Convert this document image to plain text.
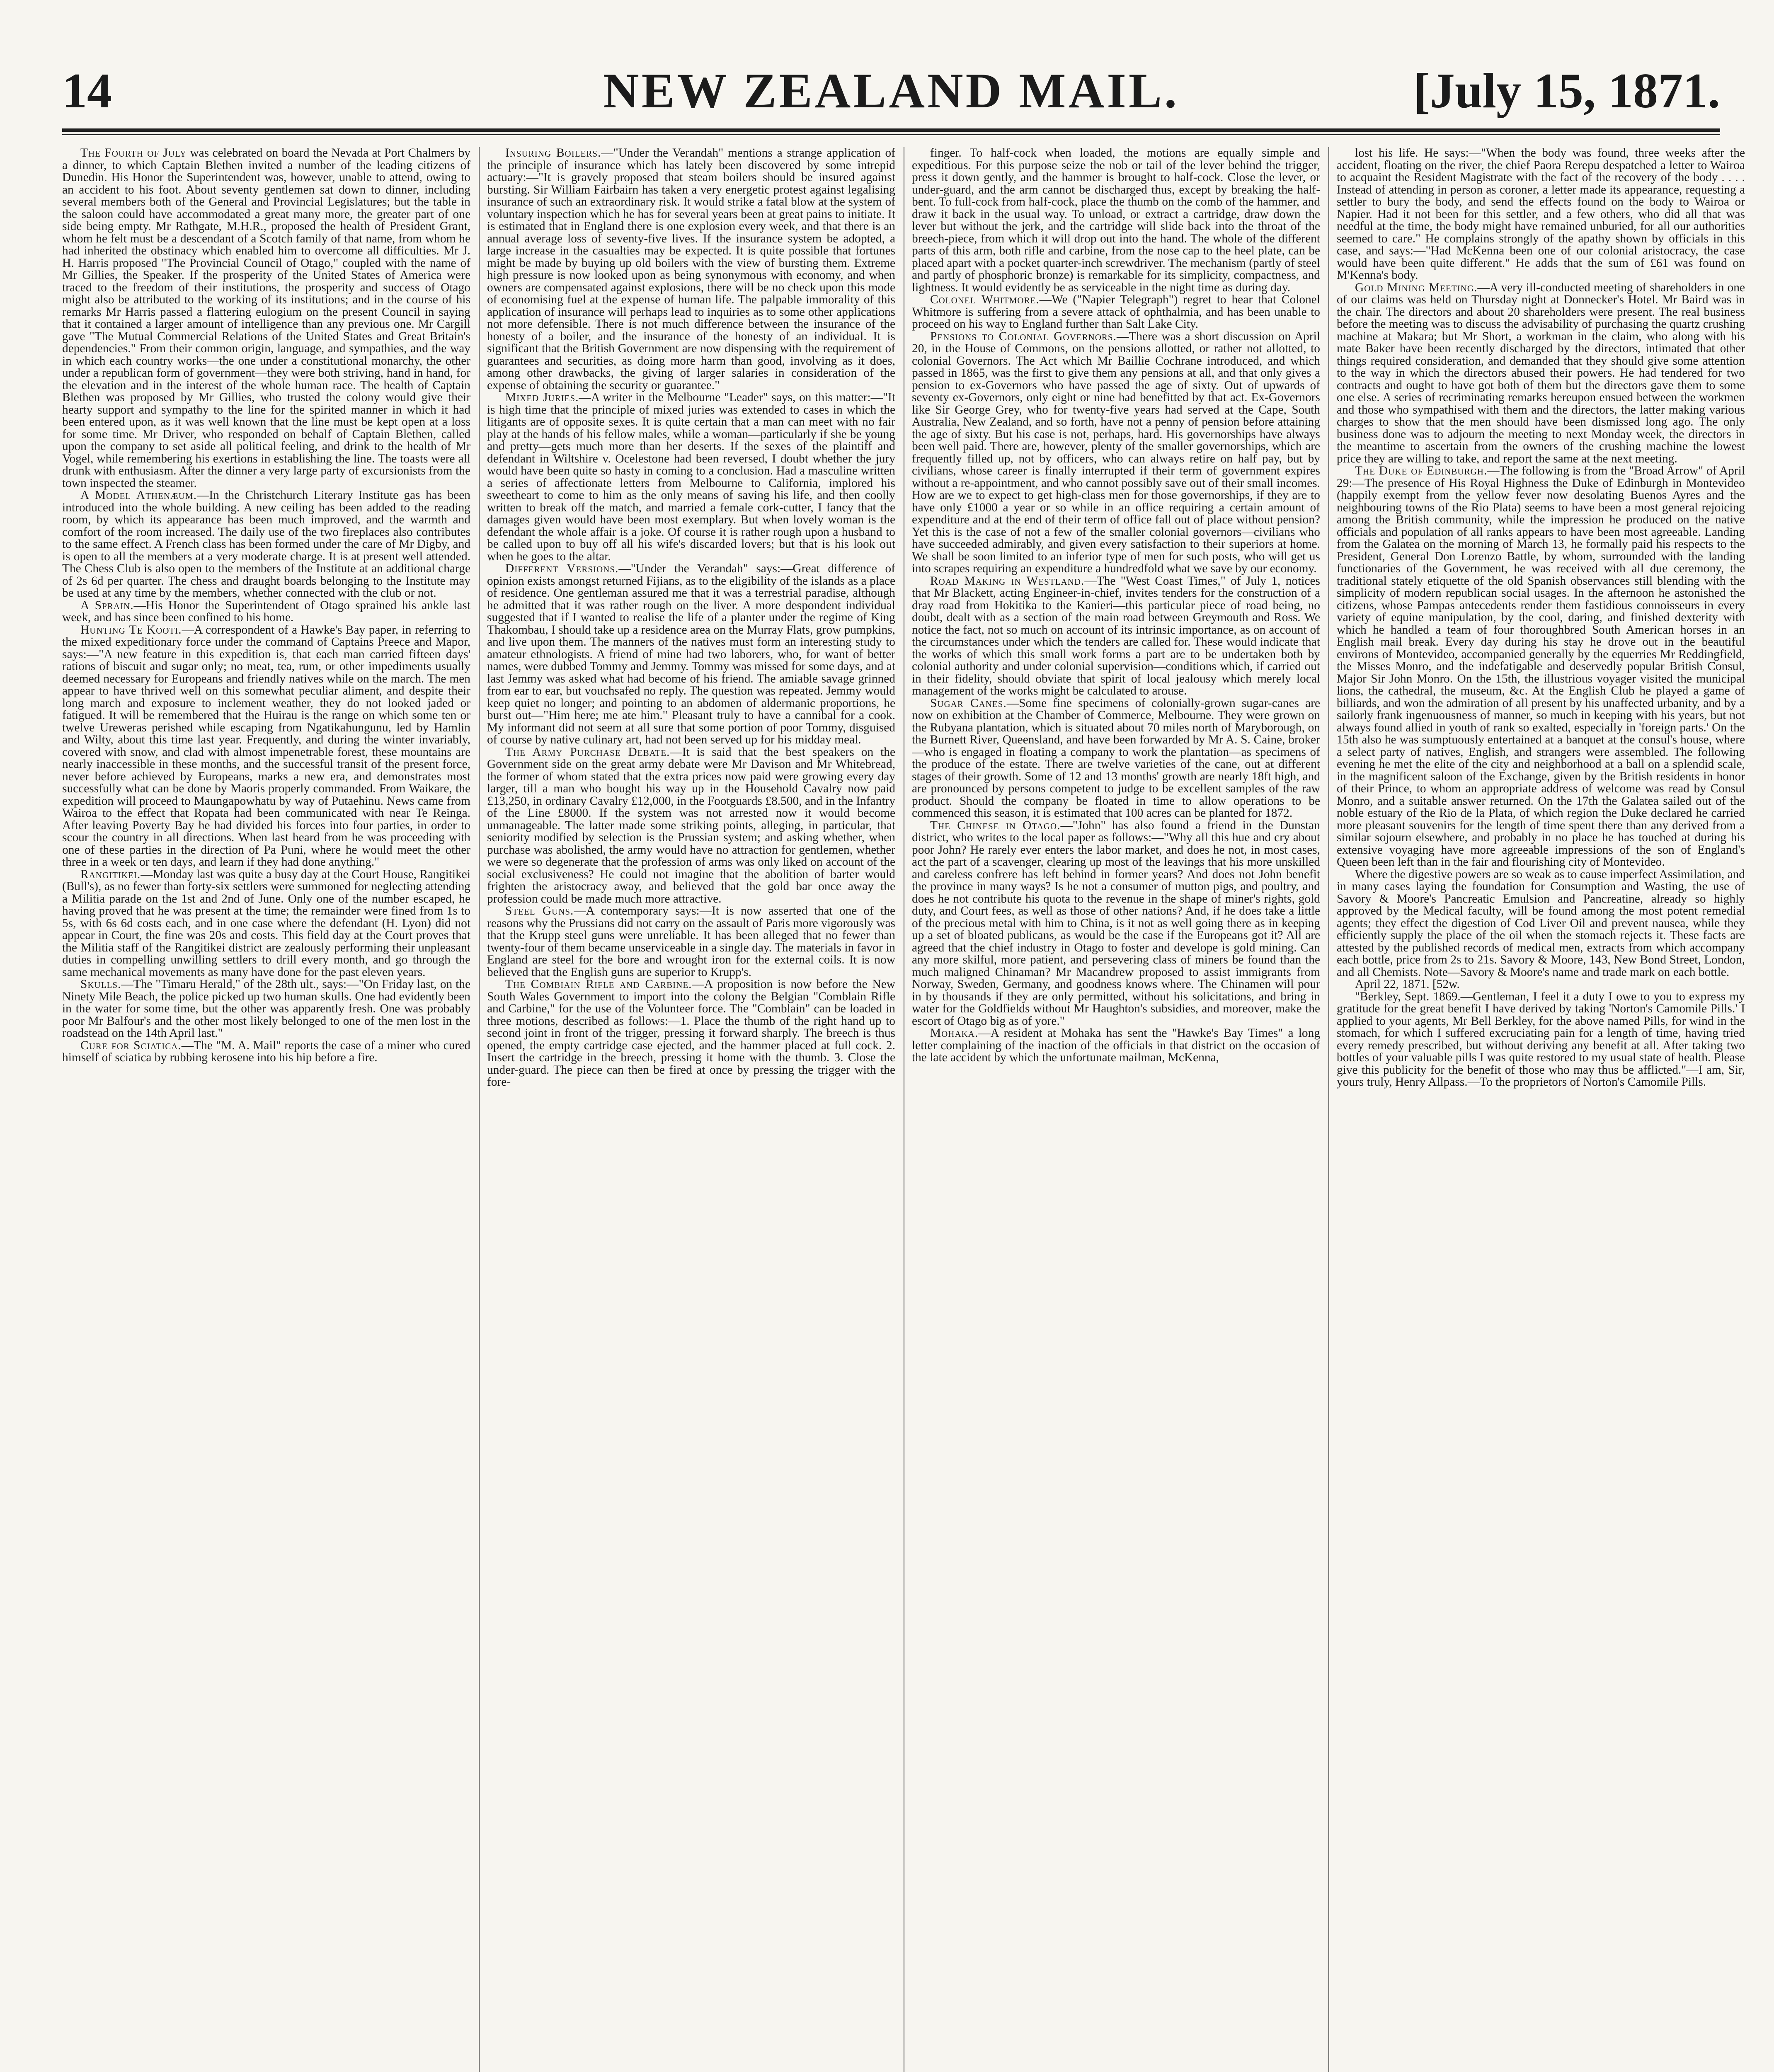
14	NEW ZEALAND MAIL.	[July 15, 1871.

The Fourth of July was celebrated on board the Nevada at Port Chalmers by a dinner, to which Captain Blethen invited a number of the leading citizens of Dunedin. His Honor the Superintendent was, however, unable to attend, owing to an accident to his foot. About seventy gentlemen sat down to dinner, including several members both of the General and Provincial Legislatures; but the table in the saloon could have accommodated a great many more, the greater part of one side being empty. Mr Rathgate, M.H.R., proposed the health of President Grant, whom he felt must be a descendant of a Scotch family of that name, from whom he had inherited the obstinacy which enabled him to overcome all difficulties. Mr J. H. Harris proposed "The Provincial Council of Otago," coupled with the name of Mr Gillies, the Speaker. If the prosperity of the United States of America were traced to the freedom of their institutions, the prosperity and success of Otago might also be attributed to the working of its institutions; and in the course of his remarks Mr Harris passed a flattering eulogium on the present Council in saying that it contained a larger amount of intelligence than any previous one. Mr Cargill gave "The Mutual Commercial Relations of the United States and Great Britain's dependencies." From their common origin, language, and sympathies, and the way in which each country works—the one under a constitutional monarchy, the other under a republican form of government—they were both striving, hand in hand, for the elevation and in the interest of the whole human race. The health of Captain Blethen was proposed by Mr Gillies, who trusted the colony would give their hearty support and sympathy to the line for the spirited manner in which it had been entered upon, as it was well known that the line must be kept open at a loss for some time. Mr Driver, who responded on behalf of Captain Blethen, called upon the company to set aside all political feeling, and drink to the health of Mr Vogel, while remembering his exertions in establishing the line. The toasts were all drunk with enthusiasm. After the dinner a very large party of excursionists from the town inspected the steamer.

A Model Athenæum.—In the Christchurch Literary Institute gas has been introduced into the whole building. A new ceiling has been added to the reading room, by which its appearance has been much improved, and the warmth and comfort of the room increased. The daily use of the two fireplaces also contributes to the same effect. A French class has been formed under the care of Mr Digby, and is open to all the members at a very moderate charge. It is at present well attended. The Chess Club is also open to the members of the Institute at an additional charge of 2s 6d per quarter. The chess and draught boards belonging to the Institute may be used at any time by the members, whether connected with the club or not.

A Sprain.—His Honor the Superintendent of Otago sprained his ankle last week, and has since been confined to his home.

Hunting Te Kooti.—A correspondent of a Hawke's Bay paper, in referring to the mixed expeditionary force under the command of Captains Preece and Mapor, says:—"A new feature in this expedition is, that each man carried fifteen days' rations of biscuit and sugar only; no meat, tea, rum, or other impediments usually deemed necessary for Europeans and friendly natives while on the march. The men appear to have thrived well on this somewhat peculiar aliment, and despite their long march and exposure to inclement weather, they do not looked jaded or fatigued. It will be remembered that the Huirau is the range on which some ten or twelve Ureweras perished while escaping from Ngatikahungunu, led by Hamlin and Wilty, about this time last year. Frequently, and during the winter invariably, covered with snow, and clad with almost impenetrable forest, these mountains are nearly inaccessible in these months, and the successful transit of the present force, never before achieved by Europeans, marks a new era, and demonstrates most successfully what can be done by Maoris properly commanded. From Waikare, the expedition will proceed to Maungapowhatu by way of Putaehinu. News came from Wairoa to the effect that Ropata had been communicated with near Te Reinga. After leaving Poverty Bay he had divided his forces into four parties, in order to scour the country in all directions. When last heard from he was proceeding with one of these parties in the direction of Pa Puni, where he would meet the other three in a week or ten days, and learn if they had done anything."

Rangitikei.—Monday last was quite a busy day at the Court House, Rangitikei (Bull's), as no fewer than forty-six settlers were summoned for neglecting attending a Militia parade on the 1st and 2nd of June. Only one of the number escaped, he having proved that he was present at the time; the remainder were fined from 1s to 5s, with 6s 6d costs each, and in one case where the defendant (H. Lyon) did not appear in Court, the fine was 20s and costs. This field day at the Court proves that the Militia staff of the Rangitikei district are zealously performing their unpleasant duties in compelling unwilling settlers to drill every month, and go through the same mechanical movements as many have done for the past eleven years.

Skulls.—The "Timaru Herald," of the 28th ult., says:—"On Friday last, on the Ninety Mile Beach, the police picked up two human skulls. One had evidently been in the water for some time, but the other was apparently fresh. One was probably poor Mr Balfour's and the other most likely belonged to one of the men lost in the roadstead on the 14th April last."

Cure for Sciatica.—The "M. A. Mail" reports the case of a miner who cured himself of sciatica by rubbing kerosene into his hip before a fire.

Insuring Boilers.—"Under the Verandah" mentions a strange application of the principle of insurance which has lately been discovered by some intrepid actuary:—"It is gravely proposed that steam boilers should be insured against bursting. Sir William Fairbairn has taken a very energetic protest against legalising insurance of such an extraordinary risk. It would strike a fatal blow at the system of voluntary inspection which he has for several years been at great pains to initiate. It is estimated that in England there is one explosion every week, and that there is an annual average loss of seventy-five lives. If the insurance system be adopted, a large increase in the casualties may be expected. It is quite possible that fortunes might be made by buying up old boilers with the view of bursting them. Extreme high pressure is now looked upon as being synonymous with economy, and when owners are compensated against explosions, there will be no check upon this mode of economising fuel at the expense of human life. The palpable immorality of this application of insurance will perhaps lead to inquiries as to some other applications not more defensible. There is not much difference between the insurance of the honesty of a boiler, and the insurance of the honesty of an individual. It is significant that the British Government are now dispensing with the requirement of guarantees and securities, as doing more harm than good, involving as it does, among other drawbacks, the giving of larger salaries in consideration of the expense of obtaining the security or guarantee."

Mixed Juries.—A writer in the Melbourne "Leader" says, on this matter:—"It is high time that the principle of mixed juries was extended to cases in which the litigants are of opposite sexes. It is quite certain that a man can meet with no fair play at the hands of his fellow males, while a woman—particularly if she be young and pretty—gets much more than her deserts. If the sexes of the plaintiff and defendant in Wiltshire v. Ocelestone had been reversed, I doubt whether the jury would have been quite so hasty in coming to a conclusion. Had a masculine written a series of affectionate letters from Melbourne to California, implored his sweetheart to come to him as the only means of saving his life, and then coolly written to break off the match, and married a female cork-cutter, I fancy that the damages given would have been most exemplary. But when lovely woman is the defendant the whole affair is a joke. Of course it is rather rough upon a husband to be called upon to buy off all his wife's discarded lovers; but that is his look out when he goes to the altar.

Different Versions.—"Under the Verandah" says:—Great difference of opinion exists amongst returned Fijians, as to the eligibility of the islands as a place of residence. One gentleman assured me that it was a terrestrial paradise, although he admitted that it was rather rough on the liver. A more despondent individual suggested that if I wanted to realise the life of a planter under the regime of King Thakombau, I should take up a residence area on the Murray Flats, grow pumpkins, and live upon them. The manners of the natives must form an interesting study to amateur ethnologists. A friend of mine had two laborers, who, for want of better names, were dubbed Tommy and Jemmy. Tommy was missed for some days, and at last Jemmy was asked what had become of his friend. The amiable savage grinned from ear to ear, but vouchsafed no reply. The question was repeated. Jemmy would keep quiet no longer; and pointing to an abdomen of aldermanic proportions, he burst out—"Him here; me ate him." Pleasant truly to have a cannibal for a cook. My informant did not seem at all sure that some portion of poor Tommy, disguised of course by native culinary art, had not been served up for his midday meal.

The Army Purchase Debate.—It is said that the best speakers on the Government side on the great army debate were Mr Davison and Mr Whitebread, the former of whom stated that the extra prices now paid were growing every day larger, till a man who bought his way up in the Household Cavalry now paid £13,250, in ordinary Cavalry £12,000, in the Footguards £8.500, and in the Infantry of the Line £8000. If the system was not arrested now it would become unmanageable. The latter made some striking points, alleging, in particular, that seniority modified by selection is the Prussian system; and asking whether, when purchase was abolished, the army would have no attraction for gentlemen, whether we were so degenerate that the profession of arms was only liked on account of the social exclusiveness? He could not imagine that the abolition of barter would frighten the aristocracy away, and believed that the gold bar once away the profession could be made much more attractive.

Steel Guns.—A contemporary says:—It is now asserted that one of the reasons why the Prussians did not carry on the assault of Paris more vigorously was that the Krupp steel guns were unreliable. It has been alleged that no fewer than twenty-four of them became unserviceable in a single day. The materials in favor in England are steel for the bore and wrought iron for the external coils. It is now believed that the English guns are superior to Krupp's.

The Combiain Rifle and Carbine.—A proposition is now before the New South Wales Government to import into the colony the Belgian "Comblain Rifle and Carbine," for the use of the Volunteer force. The "Comblain" can be loaded in three motions, described as follows:—1. Place the thumb of the right hand up to second joint in front of the trigger, pressing it forward sharply. The breech is thus opened, the empty cartridge case ejected, and the hammer placed at full cock. 2. Insert the cartridge in the breech, pressing it home with the thumb. 3. Close the under-guard. The piece can then be fired at once by pressing the trigger with the fore-

finger. To half-cock when loaded, the motions are equally simple and expeditious. For this purpose seize the nob or tail of the lever behind the trigger, press it down gently, and the hammer is brought to half-cock. Close the lever, or under-guard, and the arm cannot be discharged thus, except by breaking the half-bent. To full-cock from half-cock, place the thumb on the comb of the hammer, and draw it back in the usual way. To unload, or extract a cartridge, draw down the lever but without the jerk, and the cartridge will slide back into the throat of the breech-piece, from which it will drop out into the hand. The whole of the different parts of this arm, both rifle and carbine, from the nose cap to the heel plate, can be placed apart with a pocket quarter-inch screwdriver. The mechanism (partly of steel and partly of phosphoric bronze) is remarkable for its simplicity, compactness, and lightness. It would evidently be as serviceable in the night time as during day.

Colonel Whitmore.—We ("Napier Telegraph") regret to hear that Colonel Whitmore is suffering from a severe attack of ophthalmia, and has been unable to proceed on his way to England further than Salt Lake City.

Pensions to Colonial Governors.—There was a short discussion on April 20, in the House of Commons, on the pensions allotted, or rather not allotted, to colonial Governors. The Act which Mr Baillie Cochrane introduced, and which passed in 1865, was the first to give them any pensions at all, and that only gives a pension to ex-Governors who have passed the age of sixty. Out of upwards of seventy ex-Governors, only eight or nine had benefitted by that act. Ex-Governors like Sir George Grey, who for twenty-five years had served at the Cape, South Australia, New Zealand, and so forth, have not a penny of pension before attaining the age of sixty. But his case is not, perhaps, hard. His governorships have always been well paid. There are, however, plenty of the smaller governorships, which are frequently filled up, not by officers, who can always retire on half pay, but by civilians, whose career is finally interrupted if their term of government expires without a re-appointment, and who cannot possibly save out of their small incomes. How are we to expect to get high-class men for those governorships, if they are to have only £1000 a year or so while in an office requiring a certain amount of expenditure and at the end of their term of office fall out of place without pension? Yet this is the case of not a few of the smaller colonial governors—civilians who have succeeded admirably, and given every satisfaction to their superiors at home. We shall be soon limited to an inferior type of men for such posts, who will get us into scrapes requiring an expenditure a hundredfold what we save by our economy.

Road Making in Westland.—The "West Coast Times," of July 1, notices that Mr Blackett, acting Engineer-in-chief, invites tenders for the construction of a dray road from Hokitika to the Kanieri—this particular piece of road being, no doubt, dealt with as a section of the main road between Greymouth and Ross. We notice the fact, not so much on account of its intrinsic importance, as on account of the circumstances under which the tenders are called for. These would indicate that the works of which this small work forms a part are to be undertaken both by colonial authority and under colonial supervision—conditions which, if carried out in their fidelity, should obviate that spirit of local jealousy which merely local management of the works might be calculated to arouse.

Sugar Canes.—Some fine specimens of colonially-grown sugar-canes are now on exhibition at the Chamber of Commerce, Melbourne. They were grown on the Rubyana plantation, which is situated about 70 miles north of Maryborough, on the Burnett River, Queensland, and have been forwarded by Mr A. S. Caine, broker—who is engaged in floating a company to work the plantation—as specimens of the produce of the estate. There are twelve varieties of the cane, out at different stages of their growth. Some of 12 and 13 months' growth are nearly 18ft high, and are pronounced by persons competent to judge to be excellent samples of the raw product. Should the company be floated in time to allow operations to be commenced this season, it is estimated that 100 acres can be planted for 1872.

The Chinese in Otago.—"John" has also found a friend in the Dunstan district, who writes to the local paper as follows:—"Why all this hue and cry about poor John? He rarely ever enters the labor market, and does he not, in most cases, act the part of a scavenger, clearing up most of the leavings that his more unskilled and careless confrere has left behind in former years? And does not John benefit the province in many ways? Is he not a consumer of mutton pigs, and poultry, and does he not contribute his quota to the revenue in the shape of miner's rights, gold duty, and Court fees, as well as those of other nations? And, if he does take a little of the precious metal with him to China, is it not as well going there as in keeping up a set of bloated publicans, as would be the case if the Europeans got it? All are agreed that the chief industry in Otago to foster and develope is gold mining. Can any more skilful, more patient, and persevering class of miners be found than the much maligned Chinaman? Mr Macandrew proposed to assist immigrants from Norway, Sweden, Germany, and goodness knows where. The Chinamen will pour in by thousands if they are only permitted, without his solicitations, and bring in water for the Goldfields without Mr Haughton's subsidies, and moreover, make the escort of Otago big as of yore."

Mohaka.—A resident at Mohaka has sent the "Hawke's Bay Times" a long letter complaining of the inaction of the officials in that district on the occasion of the late accident by which the unfortunate mailman, McKenna,

lost his life. He says:—"When the body was found, three weeks after the accident, floating on the river, the chief Paora Rerepu despatched a letter to Wairoa to acquaint the Resident Magistrate with the fact of the recovery of the body . . . . Instead of attending in person as coroner, a letter made its appearance, requesting a settler to bury the body, and send the effects found on the body to Wairoa or Napier. Had it not been for this settler, and a few others, who did all that was needful at the time, the body might have remained unburied, for all our authorities seemed to care." He complains strongly of the apathy shown by officials in this case, and says:—"Had McKenna been one of our colonial aristocracy, the case would have been quite different." He adds that the sum of £61 was found on M'Kenna's body.

Gold Mining Meeting.—A very ill-conducted meeting of shareholders in one of our claims was held on Thursday night at Donnecker's Hotel. Mr Baird was in the chair. The directors and about 20 shareholders were present. The real business before the meeting was to discuss the advisability of purchasing the quartz crushing machine at Makara; but Mr Short, a workman in the claim, who along with his mate Baker have been recently discharged by the directors, intimated that other things required consideration, and demanded that they should give some attention to the way in which the directors abused their powers. He had tendered for two contracts and ought to have got both of them but the directors gave them to some one else. A series of recriminating remarks hereupon ensued between the workmen and those who sympathised with them and the directors, the latter making various charges to show that the men should have been dismissed long ago. The only business done was to adjourn the meeting to next Monday week, the directors in the meantime to ascertain from the owners of the crushing machine the lowest price they are willing to take, and report the same at the next meeting.

The Duke of Edinburgh.—The following is from the "Broad Arrow" of April 29:—The presence of His Royal Highness the Duke of Edinburgh in Montevideo (happily exempt from the yellow fever now desolating Buenos Ayres and the neighbouring towns of the Rio Plata) seems to have been a most general rejoicing among the British community, while the impression he produced on the native officials and population of all ranks appears to have been most agreeable. Landing from the Galatea on the morning of March 13, he formally paid his respects to the President, General Don Lorenzo Battle, by whom, surrounded with the landing functionaries of the Government, he was received with all due ceremony, the traditional stately etiquette of the old Spanish observances still blending with the simplicity of modern republican social usages. In the afternoon he astonished the citizens, whose Pampas antecedents render them fastidious connoisseurs in every variety of equine manipulation, by the cool, daring, and finished dexterity with which he handled a team of four thoroughbred South American horses in an English mail break. Every day during his stay he drove out in the beautiful environs of Montevideo, accompanied generally by the equerries Mr Reddingfield, the Misses Monro, and the indefatigable and deservedly popular British Consul, Major Sir John Monro. On the 15th, the illustrious voyager visited the municipal lions, the cathedral, the museum, &c. At the English Club he played a game of billiards, and won the admiration of all present by his unaffected urbanity, and by a sailorly frank ingenuousness of manner, so much in keeping with his years, but not always found allied in youth of rank so exalted, especially in 'foreign parts.' On the 15th also he was sumptuously entertained at a banquet at the consul's house, where a select party of natives, English, and strangers were assembled. The following evening he met the elite of the city and neighborhood at a ball on a splendid scale, in the magnificent saloon of the Exchange, given by the British residents in honor of their Prince, to whom an appropriate address of welcome was read by Consul Monro, and a suitable answer returned. On the 17th the Galatea sailed out of the noble estuary of the Rio de la Plata, of which region the Duke declared he carried more pleasant souvenirs for the length of time spent there than any derived from a similar sojourn elsewhere, and probably in no place he has touched at during his extensive voyaging have more agreeable impressions of the son of England's Queen been left than in the fair and flourishing city of Montevideo.

Where the digestive powers are so weak as to cause imperfect Assimilation, and in many cases laying the foundation for Consumption and Wasting, the use of Savory & Moore's Pancreatic Emulsion and Pancreatine, already so highly approved by the Medical faculty, will be found among the most potent remedial agents; they effect the digestion of Cod Liver Oil and prevent nausea, while they efficiently supply the place of the oil when the stomach rejects it. These facts are attested by the published records of medical men, extracts from which accompany each bottle, price from 2s to 21s. Savory & Moore, 143, New Bond Street, London, and all Chemists. Note—Savory & Moore's name and trade mark on each bottle.

April 22, 1871. [52w.

"Berkley, Sept. 1869.—Gentleman, I feel it a duty I owe to you to express my gratitude for the great benefit I have derived by taking 'Norton's Camomile Pills.' I applied to your agents, Mr Bell Berkley, for the above named Pills, for wind in the stomach, for which I suffered excruciating pain for a length of time, having tried every remedy prescribed, but without deriving any benefit at all. After taking two bottles of your valuable pills I was quite restored to my usual state of health. Please give this publicity for the benefit of those who may thus be afflicted."—I am, Sir, yours truly, Henry Allpass.—To the proprietors of Norton's Camomile Pills.
